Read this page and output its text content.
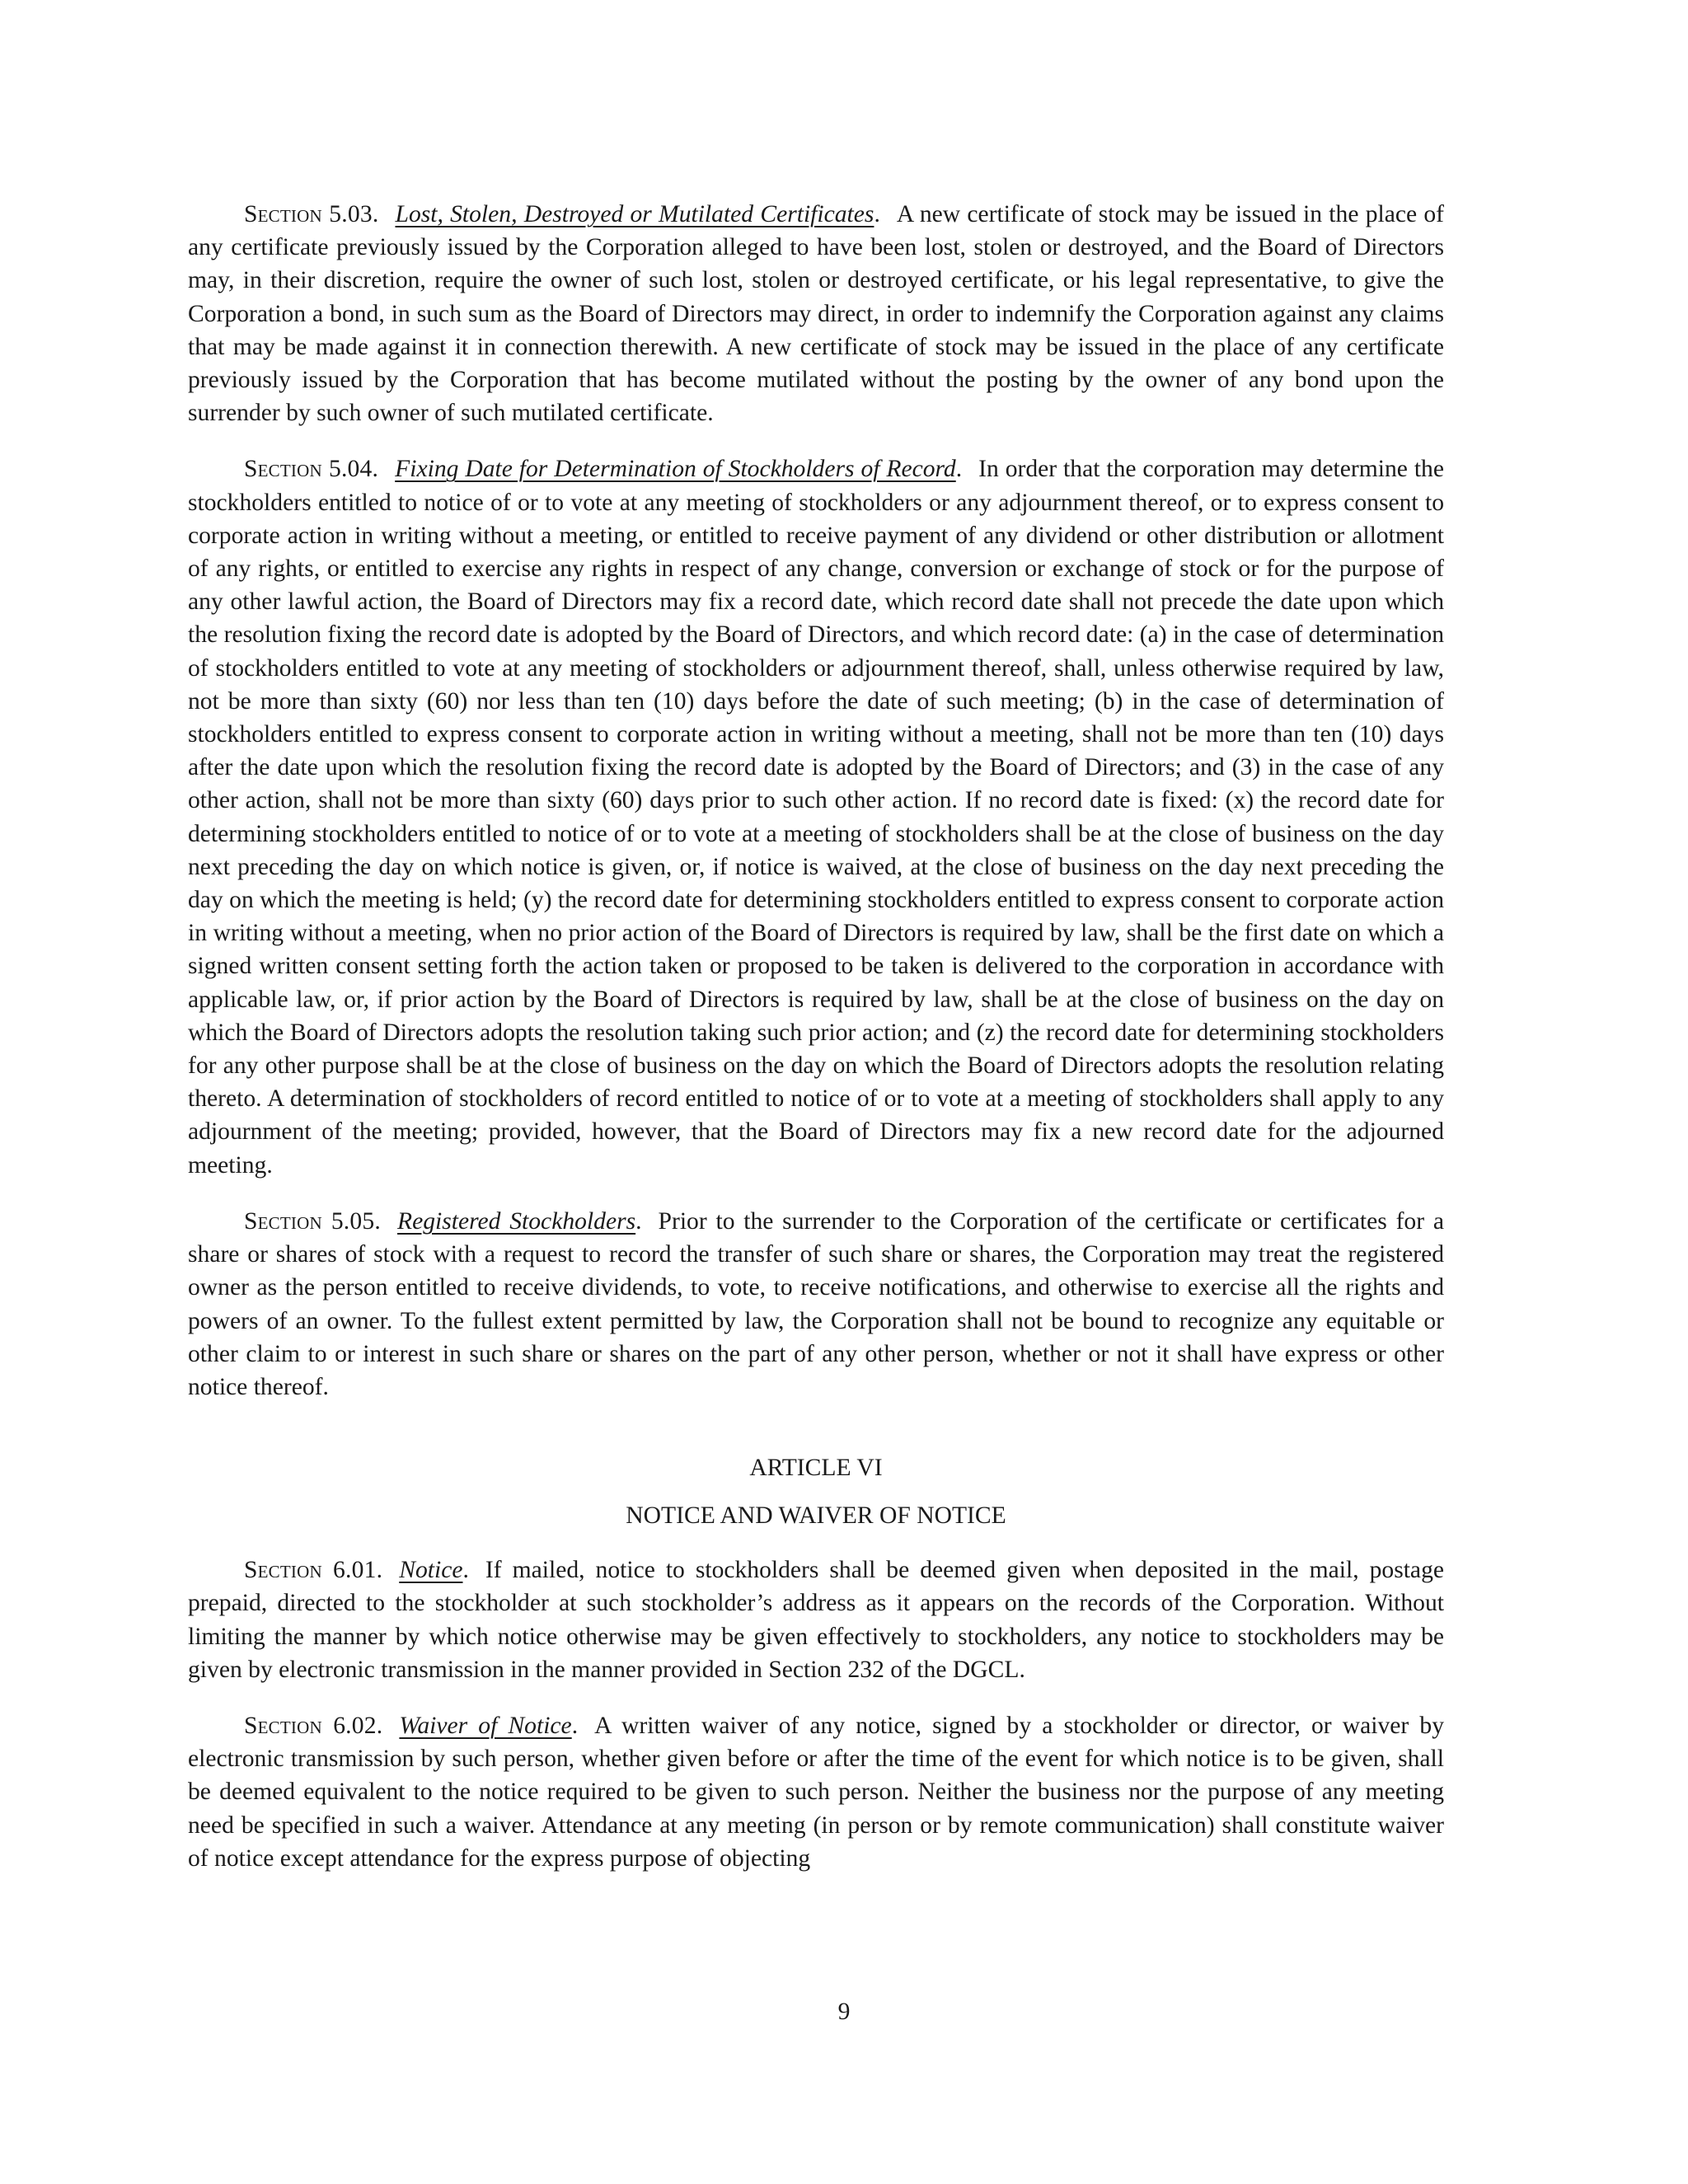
Section 5.03. Lost, Stolen, Destroyed or Mutilated Certificates. A new certificate of stock may be issued in the place of any certificate previously issued by the Corporation alleged to have been lost, stolen or destroyed, and the Board of Directors may, in their discretion, require the owner of such lost, stolen or destroyed certificate, or his legal representative, to give the Corporation a bond, in such sum as the Board of Directors may direct, in order to indemnify the Corporation against any claims that may be made against it in connection therewith. A new certificate of stock may be issued in the place of any certificate previously issued by the Corporation that has become mutilated without the posting by the owner of any bond upon the surrender by such owner of such mutilated certificate.

Section 5.04. Fixing Date for Determination of Stockholders of Record. In order that the corporation may determine the stockholders entitled to notice of or to vote at any meeting of stockholders or any adjournment thereof, or to express consent to corporate action in writing without a meeting, or entitled to receive payment of any dividend or other distribution or allotment of any rights, or entitled to exercise any rights in respect of any change, conversion or exchange of stock or for the purpose of any other lawful action, the Board of Directors may fix a record date, which record date shall not precede the date upon which the resolution fixing the record date is adopted by the Board of Directors, and which record date: (a) in the case of determination of stockholders entitled to vote at any meeting of stockholders or adjournment thereof, shall, unless otherwise required by law, not be more than sixty (60) nor less than ten (10) days before the date of such meeting; (b) in the case of determination of stockholders entitled to express consent to corporate action in writing without a meeting, shall not be more than ten (10) days after the date upon which the resolution fixing the record date is adopted by the Board of Directors; and (3) in the case of any other action, shall not be more than sixty (60) days prior to such other action. If no record date is fixed: (x) the record date for determining stockholders entitled to notice of or to vote at a meeting of stockholders shall be at the close of business on the day next preceding the day on which notice is given, or, if notice is waived, at the close of business on the day next preceding the day on which the meeting is held; (y) the record date for determining stockholders entitled to express consent to corporate action in writing without a meeting, when no prior action of the Board of Directors is required by law, shall be the first date on which a signed written consent setting forth the action taken or proposed to be taken is delivered to the corporation in accordance with applicable law, or, if prior action by the Board of Directors is required by law, shall be at the close of business on the day on which the Board of Directors adopts the resolution taking such prior action; and (z) the record date for determining stockholders for any other purpose shall be at the close of business on the day on which the Board of Directors adopts the resolution relating thereto. A determination of stockholders of record entitled to notice of or to vote at a meeting of stockholders shall apply to any adjournment of the meeting; provided, however, that the Board of Directors may fix a new record date for the adjourned meeting.

Section 5.05. Registered Stockholders. Prior to the surrender to the Corporation of the certificate or certificates for a share or shares of stock with a request to record the transfer of such share or shares, the Corporation may treat the registered owner as the person entitled to receive dividends, to vote, to receive notifications, and otherwise to exercise all the rights and powers of an owner. To the fullest extent permitted by law, the Corporation shall not be bound to recognize any equitable or other claim to or interest in such share or shares on the part of any other person, whether or not it shall have express or other notice thereof.

ARTICLE VI

NOTICE AND WAIVER OF NOTICE

Section 6.01. Notice. If mailed, notice to stockholders shall be deemed given when deposited in the mail, postage prepaid, directed to the stockholder at such stockholder’s address as it appears on the records of the Corporation. Without limiting the manner by which notice otherwise may be given effectively to stockholders, any notice to stockholders may be given by electronic transmission in the manner provided in Section 232 of the DGCL.

Section 6.02. Waiver of Notice. A written waiver of any notice, signed by a stockholder or director, or waiver by electronic transmission by such person, whether given before or after the time of the event for which notice is to be given, shall be deemed equivalent to the notice required to be given to such person. Neither the business nor the purpose of any meeting need be specified in such a waiver. Attendance at any meeting (in person or by remote communication) shall constitute waiver of notice except attendance for the express purpose of objecting

9
